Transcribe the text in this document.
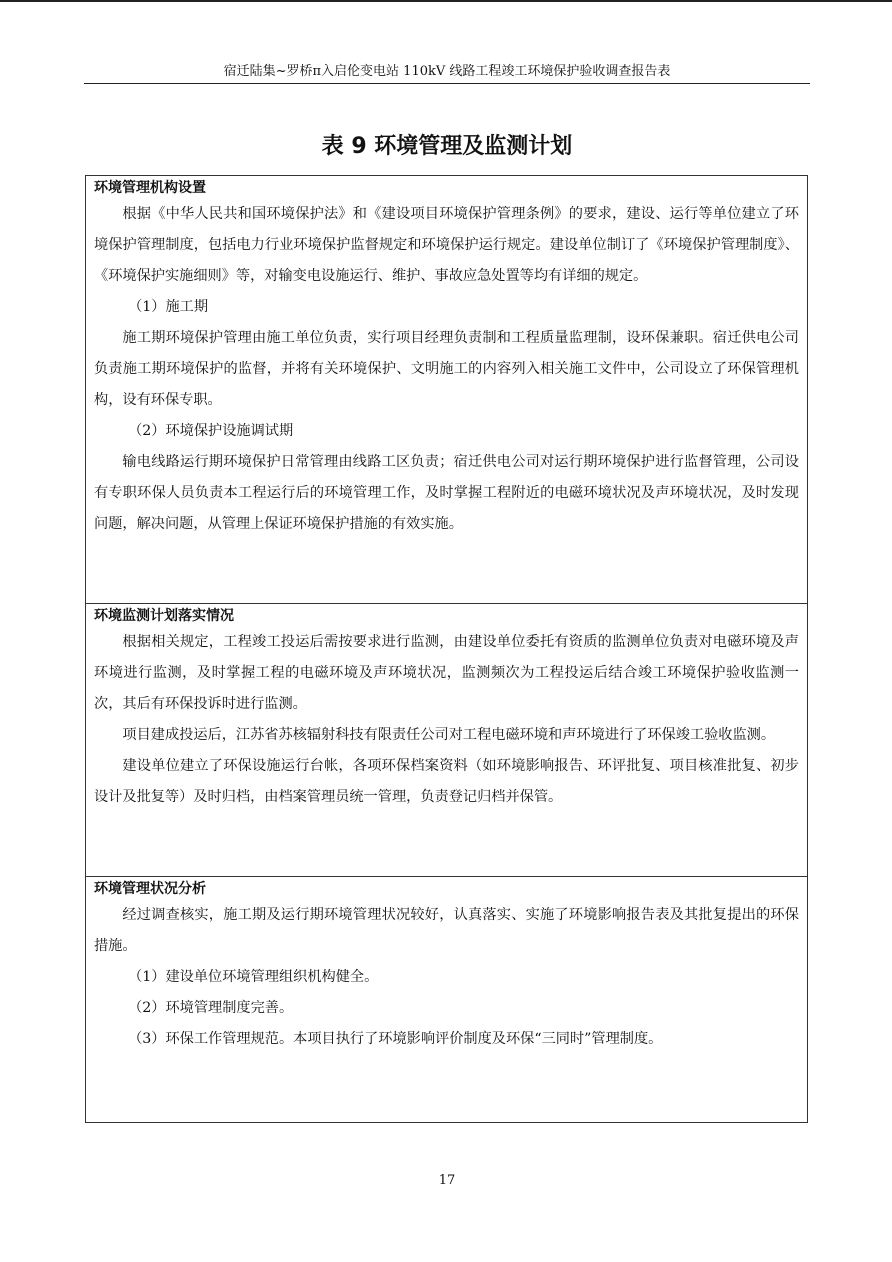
宿迁陆集~罗桥π入启伦变电站 110kV 线路工程竣工环境保护验收调查报告表
表 9 环境管理及监测计划

环境管理机构设置

根据《中华人民共和国环境保护法》和《建设项目环境保护管理条例》的要求，建设、运行等单位建立了环境保护管理制度，包括电力行业环境保护监督规定和环境保护运行规定。建设单位制订了《环境保护管理制度》、《环境保护实施细则》等，对输变电设施运行、维护、事故应急处置等均有详细的规定。

（1）施工期

施工期环境保护管理由施工单位负责，实行项目经理负责制和工程质量监理制，设环保兼职。宿迁供电公司负责施工期环境保护的监督，并将有关环境保护、文明施工的内容列入相关施工文件中，公司设立了环保管理机构，设有环保专职。

（2）环境保护设施调试期

输电线路运行期环境保护日常管理由线路工区负责；宿迁供电公司对运行期环境保护进行监督管理，公司设有专职环保人员负责本工程运行后的环境管理工作，及时掌握工程附近的电磁环境状况及声环境状况，及时发现问题，解决问题，从管理上保证环境保护措施的有效实施。

环境监测计划落实情况

根据相关规定，工程竣工投运后需按要求进行监测，由建设单位委托有资质的监测单位负责对电磁环境及声环境进行监测，及时掌握工程的电磁环境及声环境状况，监测频次为工程投运后结合竣工环境保护验收监测一次，其后有环保投诉时进行监测。

项目建成投运后，江苏省苏核辐射科技有限责任公司对工程电磁环境和声环境进行了环保竣工验收监测。

建设单位建立了环保设施运行台帐，各项环保档案资料（如环境影响报告、环评批复、项目核准批复、初步设计及批复等）及时归档，由档案管理员统一管理，负责登记归档并保管。

环境管理状况分析

经过调查核实，施工期及运行期环境管理状况较好，认真落实、实施了环境影响报告表及其批复提出的环保措施。

（1）建设单位环境管理组织机构健全。

（2）环境管理制度完善。

（3）环保工作管理规范。本项目执行了环境影响评价制度及环保“三同时”管理制度。

17
